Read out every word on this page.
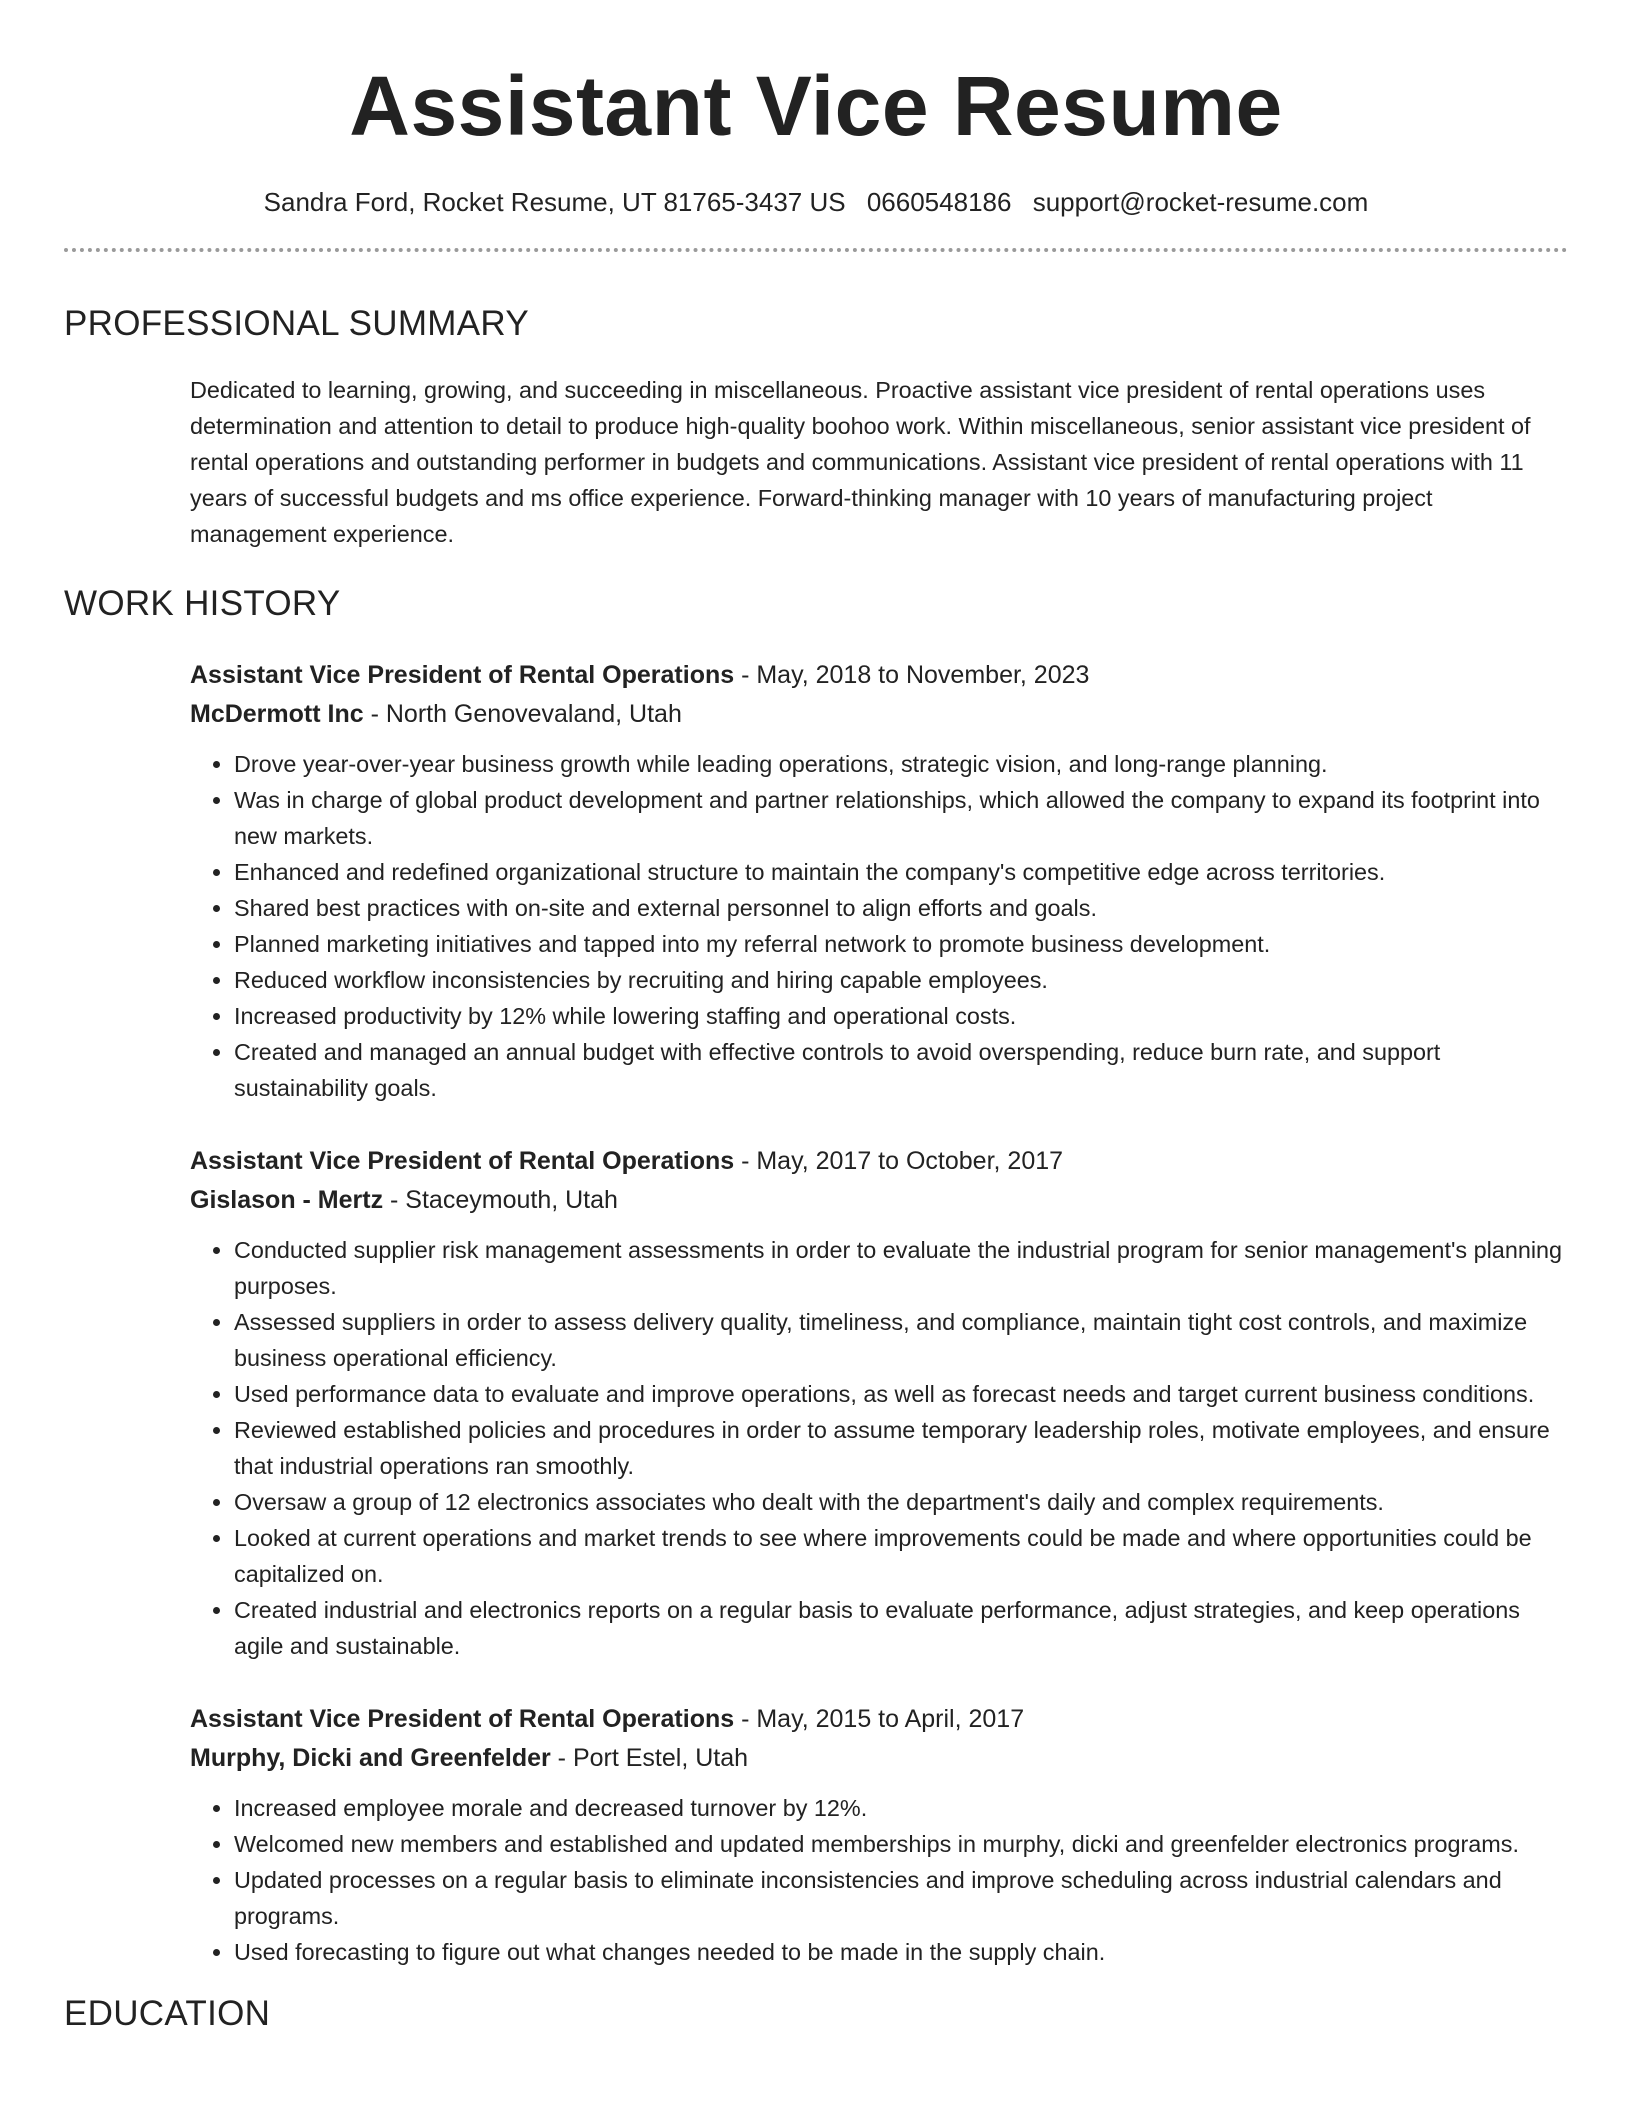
Assistant Vice Resume
Sandra Ford, Rocket Resume, UT 81765-3437 US 0660548186 support@rocket-resume.com
PROFESSIONAL SUMMARY

Dedicated to learning, growing, and succeeding in miscellaneous. Proactive assistant vice president of rental operations uses determination and attention to detail to produce high-quality boohoo work. Within miscellaneous, senior assistant vice president of rental operations and outstanding performer in budgets and communications. Assistant vice president of rental operations with 11 years of successful budgets and ms office experience. Forward-thinking manager with 10 years of manufacturing project management experience.

WORK HISTORY
Assistant Vice President of Rental Operations - May, 2018 to November, 2023
McDermott Inc - North Genovevaland, Utah
• Drove year-over-year business growth while leading operations, strategic vision, and long-range planning.
• Was in charge of global product development and partner relationships, which allowed the company to expand its footprint into new markets.
• Enhanced and redefined organizational structure to maintain the company's competitive edge across territories.
• Shared best practices with on-site and external personnel to align efforts and goals.
• Planned marketing initiatives and tapped into my referral network to promote business development.
• Reduced workflow inconsistencies by recruiting and hiring capable employees.
• Increased productivity by 12% while lowering staffing and operational costs.
• Created and managed an annual budget with effective controls to avoid overspending, reduce burn rate, and support sustainability goals.
Assistant Vice President of Rental Operations - May, 2017 to October, 2017
Gislason - Mertz - Staceymouth, Utah
• Conducted supplier risk management assessments in order to evaluate the industrial program for senior management's planning purposes.
• Assessed suppliers in order to assess delivery quality, timeliness, and compliance, maintain tight cost controls, and maximize business operational efficiency.
• Used performance data to evaluate and improve operations, as well as forecast needs and target current business conditions.
• Reviewed established policies and procedures in order to assume temporary leadership roles, motivate employees, and ensure that industrial operations ran smoothly.
• Oversaw a group of 12 electronics associates who dealt with the department's daily and complex requirements.
• Looked at current operations and market trends to see where improvements could be made and where opportunities could be capitalized on.
• Created industrial and electronics reports on a regular basis to evaluate performance, adjust strategies, and keep operations agile and sustainable.
Assistant Vice President of Rental Operations - May, 2015 to April, 2017
Murphy, Dicki and Greenfelder - Port Estel, Utah
• Increased employee morale and decreased turnover by 12%.
• Welcomed new members and established and updated memberships in murphy, dicki and greenfelder electronics programs.
• Updated processes on a regular basis to eliminate inconsistencies and improve scheduling across industrial calendars and programs.
• Used forecasting to figure out what changes needed to be made in the supply chain.
EDUCATION
